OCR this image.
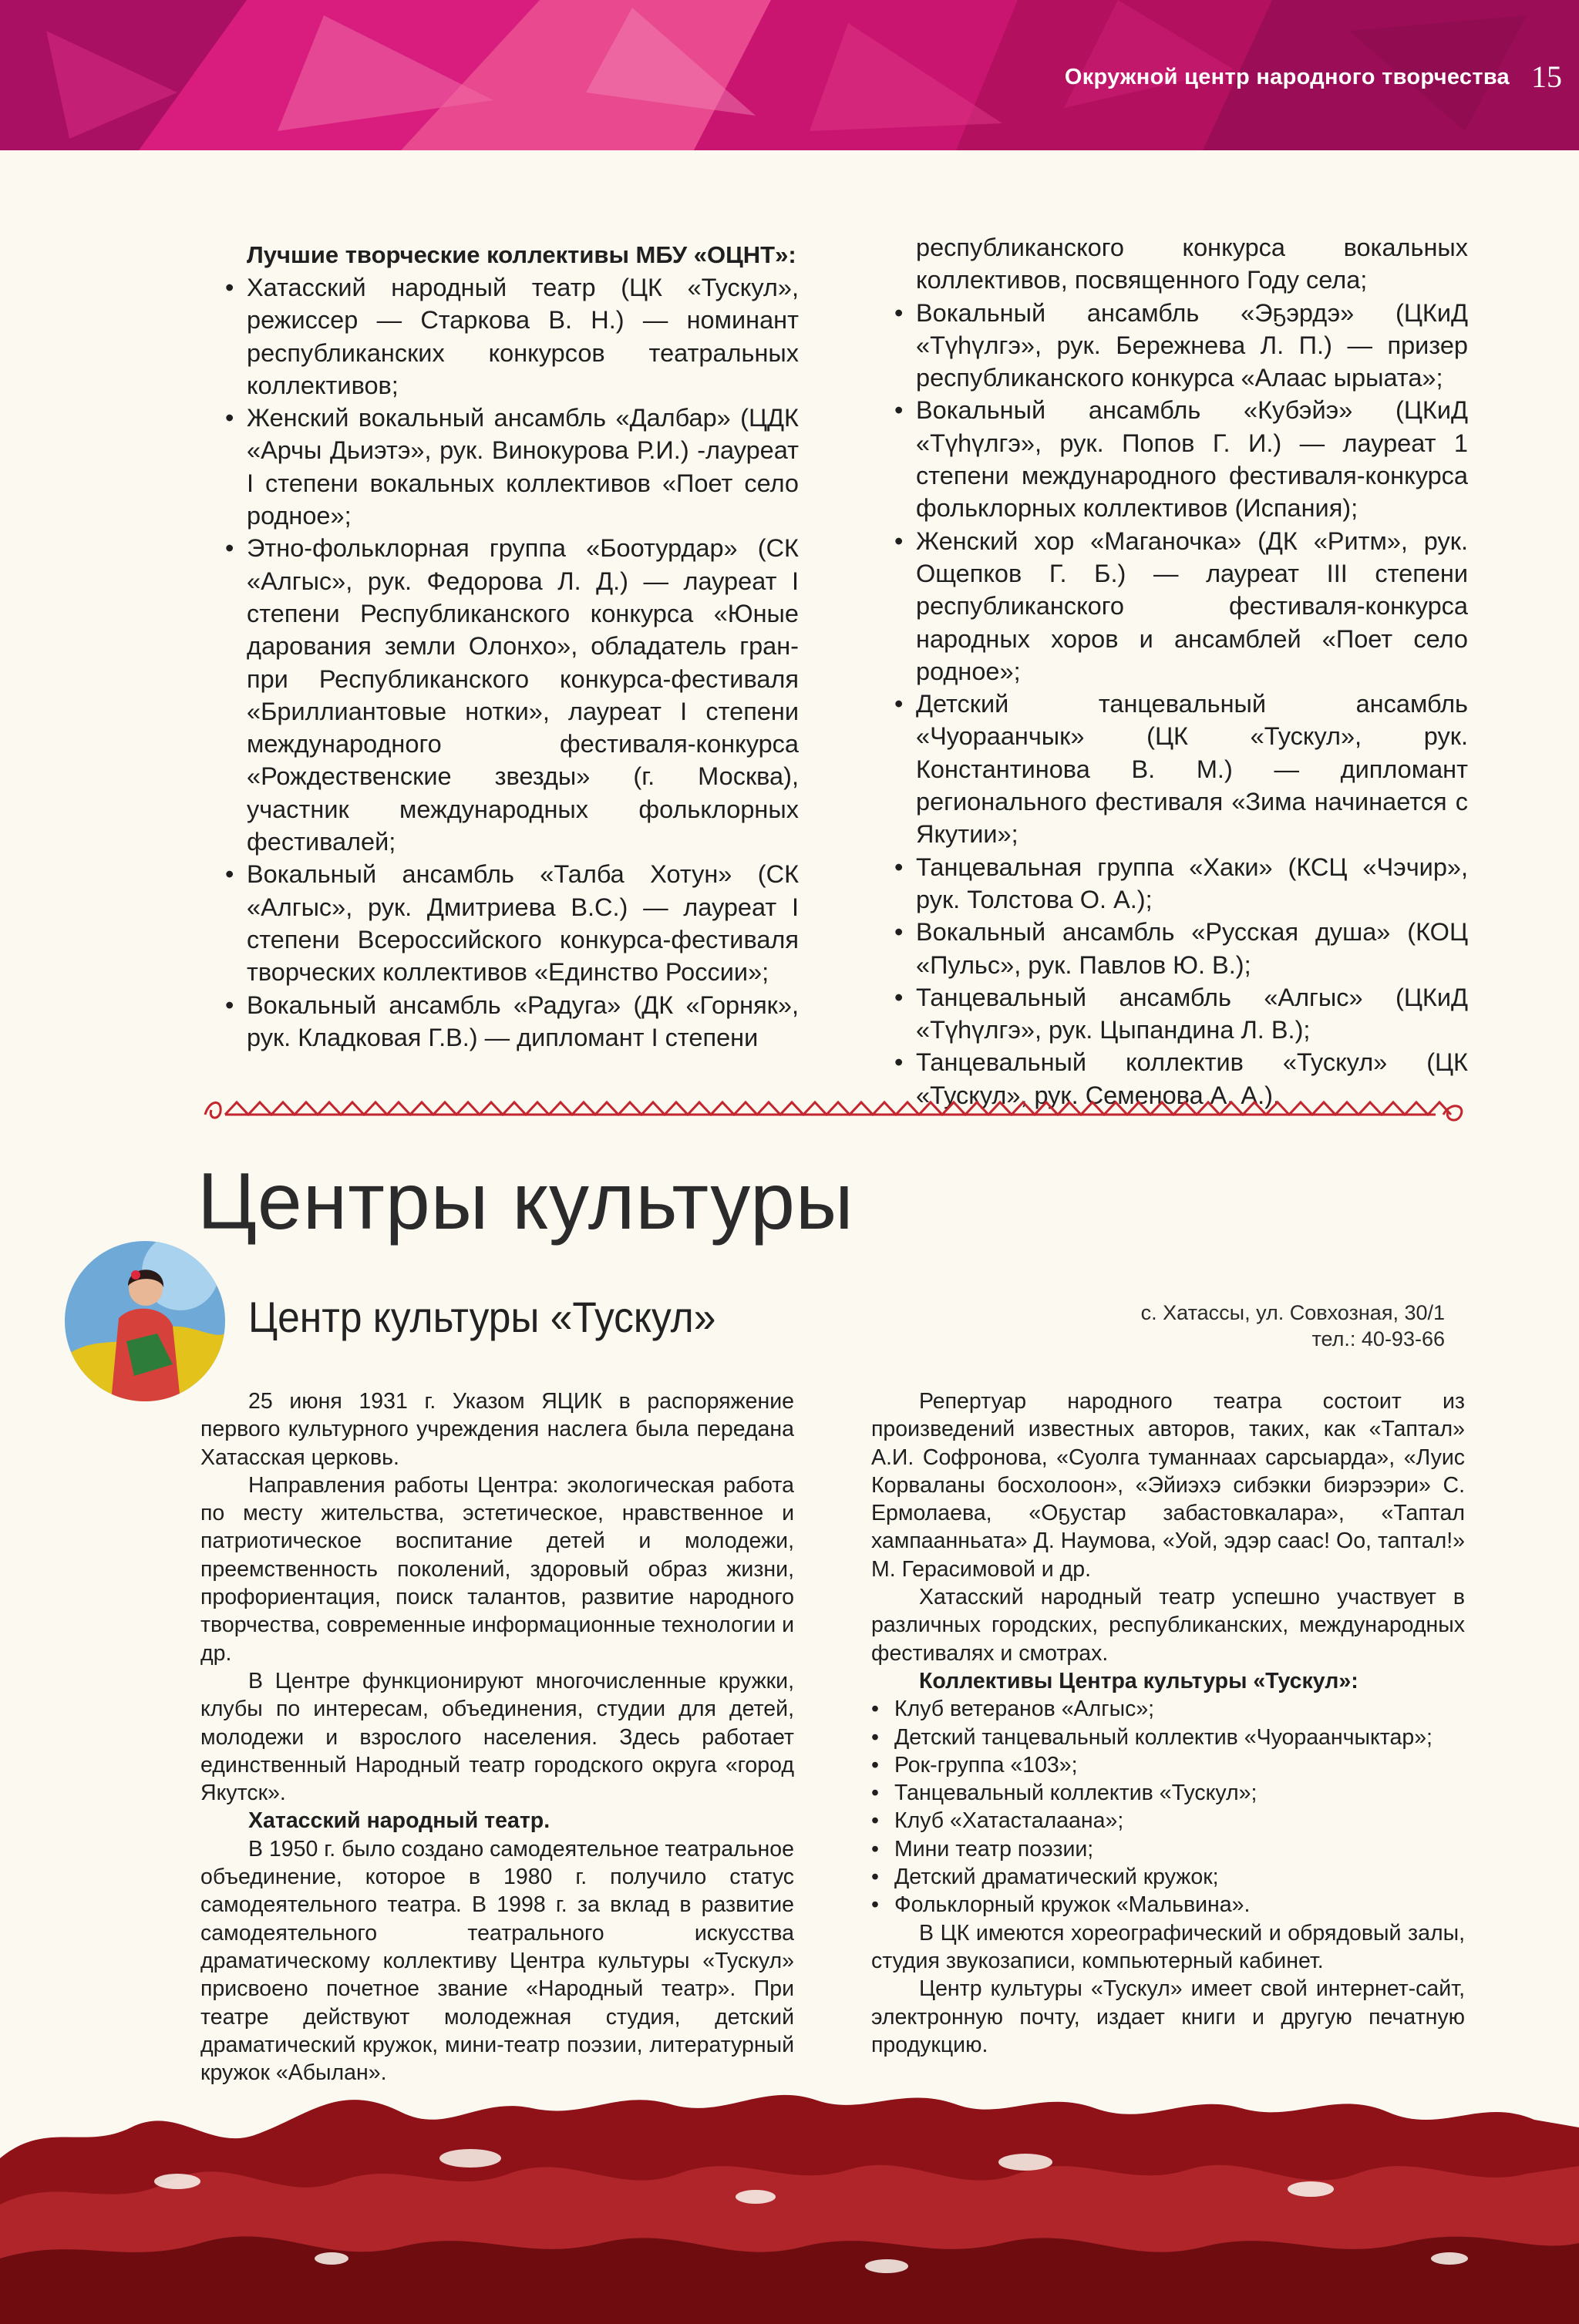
Окружной центр народного творчества 15
Лучшие творческие коллективы МБУ «ОЦНТ»:
• Хатасский народный театр (ЦК «Тускул», режиссер — Старкова В. Н.) — номинант республиканских конкурсов театральных коллективов;
• Женский вокальный ансамбль «Далбар» (ЦДК «Арчы Дьиэтэ», рук. Винокурова Р.И.) -лауреат I степени вокальных коллективов «Поет село родное»;
• Этно-фольклорная группа «Боотурдар» (СК «Алгыс», рук. Федорова Л. Д.) — лауреат I степени Республиканского конкурса «Юные дарования земли Олонхо», обладатель гран-при Республиканского конкурса-фестиваля «Бриллиантовые нотки», лауреат I степени международного фестиваля-конкурса «Рождественские звезды» (г. Москва), участник международных фольклорных фестивалей;
• Вокальный ансамбль «Талба Хотун» (СК «Алгыс», рук. Дмитриева В.С.) — лауреат I степени Всероссийского конкурса-фестиваля творческих коллективов «Единство России»;
• Вокальный ансамбль «Радуга» (ДК «Горняк», рук. Кладковая Г.В.) — дипломант I степени

республиканского конкурса вокальных коллективов, посвященного Году села;

• Вокальный ансамбль «Эҕэрдэ» (ЦКиД «Түһүлгэ», рук. Бережнева Л. П.) — призер республиканского конкурса «Алаас ырыата»;
• Вокальный ансамбль «Кубэйэ» (ЦКиД «Түһүлгэ», рук. Попов Г. И.) — лауреат 1 степени международного фестиваля-конкурса фольклорных коллективов (Испания);
• Женский хор «Маганочка» (ДК «Ритм», рук. Ощепков Г. Б.) — лауреат III степени республиканского фестиваля-конкурса народных хоров и ансамблей «Поет село родное»;
• Детский танцевальный ансамбль «Чуораанчык» (ЦК «Тускул», рук. Константинова В. М.) — дипломант регионального фестиваля «Зима начинается с Якутии»;
• Танцевальная группа «Хаки» (КСЦ «Чэчир», рук. Толстова О. А.);
• Вокальный ансамбль «Русская душа» (КОЦ «Пульс», рук. Павлов Ю. В.);
• Танцевальный ансамбль «Алгыс» (ЦКиД «Түһүлгэ», рук. Цыпандина Л. В.);
• Танцевальный коллектив «Тускул» (ЦК «Тускул», рук. Семенова А. А.).
Центры культуры
Центр культуры «Тускул»	с. Хатассы, ул. Совхозная, 30/1
тел.: 40-93-66

25 июня 1931 г. Указом ЯЦИК в распоряжение первого культурного учреждения наслега была передана Хатасская церковь.

Направления работы Центра: экологическая работа по месту жительства, эстетическое, нравственное и патриотическое воспитание детей и молодежи, преемственность поколений, здоровый образ жизни, профориентация, поиск талантов, развитие народного творчества, современные информационные технологии и др.

В Центре функционируют многочисленные кружки, клубы по интересам, объединения, студии для детей, молодежи и взрослого населения. Здесь работает единственный Народный театр городского округа «город Якутск».

Хатасский народный театр.

В 1950 г. было создано самодеятельное театральное объединение, которое в 1980 г. получило статус самодеятельного театра. В 1998 г. за вклад в развитие самодеятельного театрального искусства драматическому коллективу Центра культуры «Тускул» присвоено почетное звание «Народный театр». При театре действуют молодежная студия, детский драматический кружок, мини-театр поэзии, литературный кружок «Абылан».

Репертуар народного театра состоит из произведений известных авторов, таких, как «Таптал» А.И. Софронова, «Суолга туманнаах сарсыарда», «Луис Корваланы босхолоон», «Эйиэхэ сибэкки биэрээри» С. Ермолаева, «Оҕустар забастовкалара», «Таптал хампаанньата» Д. Наумова, «Уой, эдэр саас! Оо, таптал!» М. Герасимовой и др.

Хатасский народный театр успешно участвует в различных городских, республиканских, международных фестивалях и смотрах.

Коллективы Центра культуры «Тускул»:
• Клуб ветеранов «Алгыс»;
• Детский танцевальный коллектив «Чуораанчыктар»;
• Рок-группа «103»;
• Танцевальный коллектив «Тускул»;
• Клуб «Хатасталаана»;
• Мини театр поэзии;
• Детский драматический кружок;
• Фольклорный кружок «Мальвина».

В ЦК имеются хореографический и обрядовый залы, студия звукозаписи, компьютерный кабинет.

Центр культуры «Тускул» имеет свой интернет-сайт, электронную почту, издает книги и другую печатную продукцию.
